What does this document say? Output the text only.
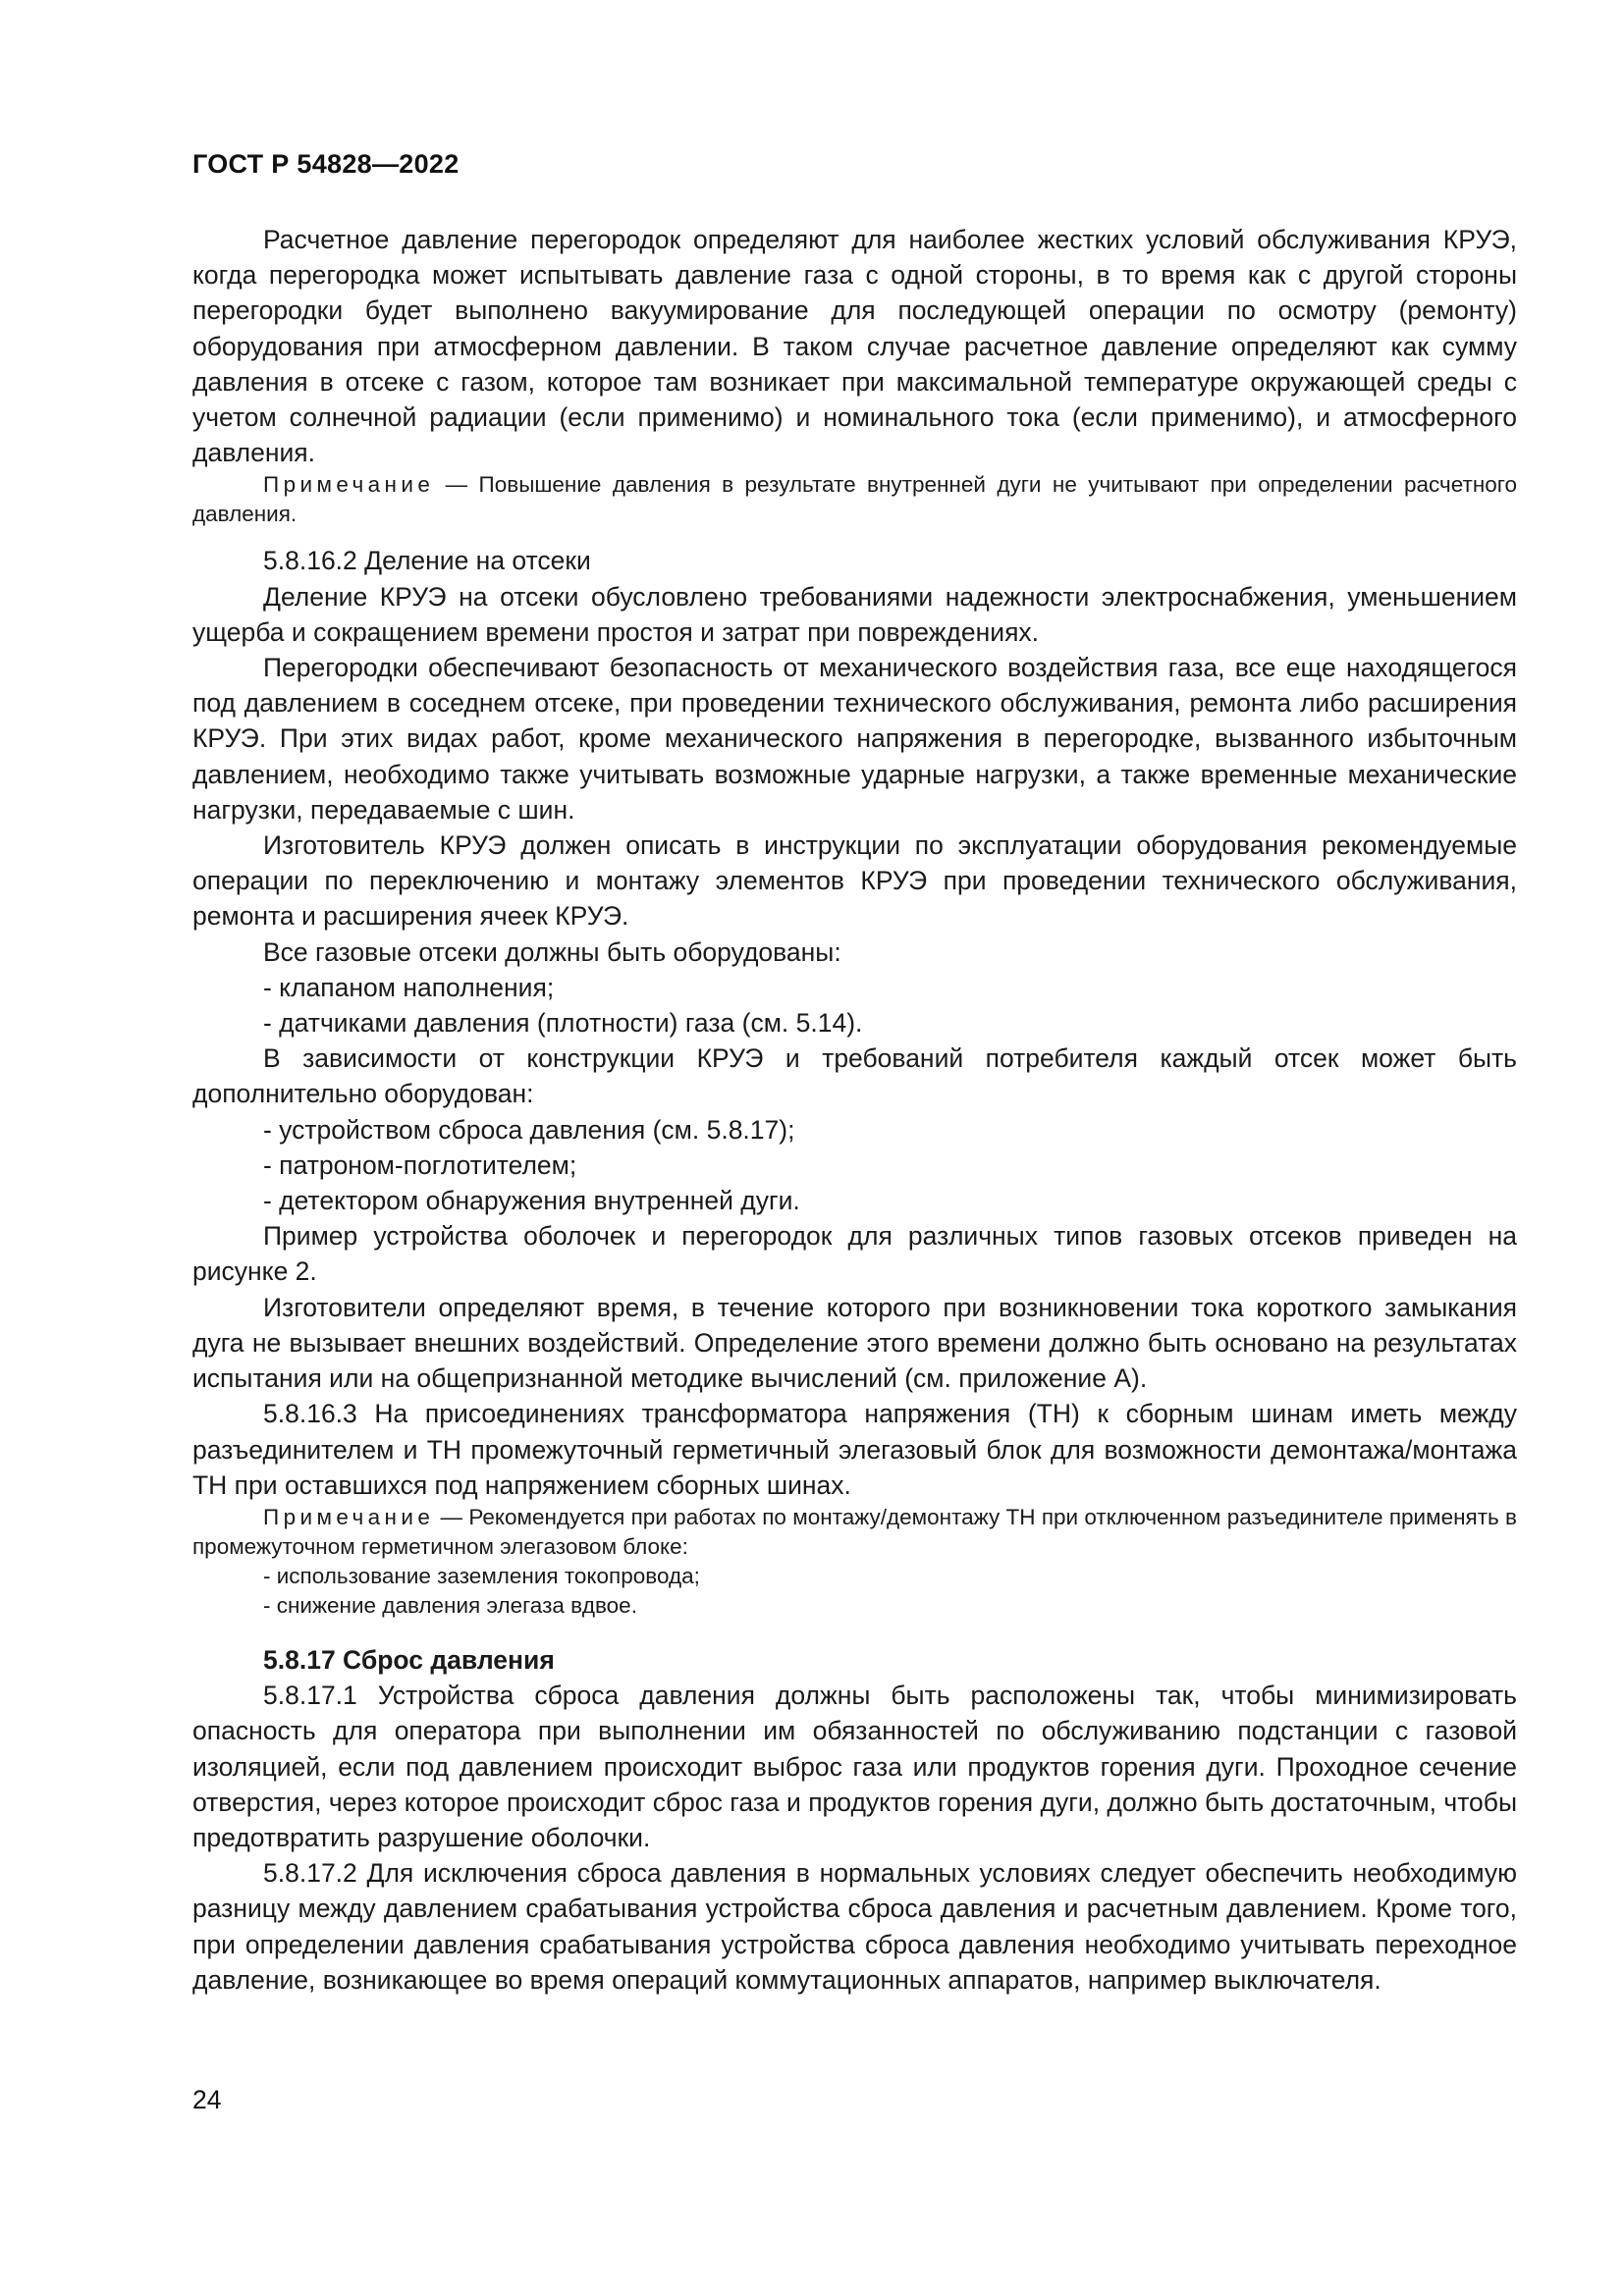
ГОСТ Р 54828—2022

Расчетное давление перегородок определяют для наиболее жестких условий обслуживания КРУЭ, когда перегородка может испытывать давление газа с одной стороны, в то время как с другой стороны перегородки будет выполнено вакуумирование для последующей операции по осмотру (ремонту) оборудования при атмосферном давлении. В таком случае расчетное давление определяют как сумму давления в отсеке с газом, которое там возникает при максимальной температуре окружающей среды с учетом солнечной радиации (если применимо) и номинального тока (если применимо), и атмосферного давления.

Примечание — Повышение давления в результате внутренней дуги не учитывают при определении расчетного давления.

5.8.16.2 Деление на отсеки

Деление КРУЭ на отсеки обусловлено требованиями надежности электроснабжения, уменьшением ущерба и сокращением времени простоя и затрат при повреждениях.

Перегородки обеспечивают безопасность от механического воздействия газа, все еще находящегося под давлением в соседнем отсеке, при проведении технического обслуживания, ремонта либо расширения КРУЭ. При этих видах работ, кроме механического напряжения в перегородке, вызванного избыточным давлением, необходимо также учитывать возможные ударные нагрузки, а также временные механические нагрузки, передаваемые с шин.

Изготовитель КРУЭ должен описать в инструкции по эксплуатации оборудования рекомендуемые операции по переключению и монтажу элементов КРУЭ при проведении технического обслуживания, ремонта и расширения ячеек КРУЭ.

Все газовые отсеки должны быть оборудованы:

- клапаном наполнения;
- датчиками давления (плотности) газа (см. 5.14).

В зависимости от конструкции КРУЭ и требований потребителя каждый отсек может быть дополнительно оборудован:

- устройством сброса давления (см. 5.8.17);
- патроном-поглотителем;
- детектором обнаружения внутренней дуги.

Пример устройства оболочек и перегородок для различных типов газовых отсеков приведен на рисунке 2.

Изготовители определяют время, в течение которого при возникновении тока короткого замыкания дуга не вызывает внешних воздействий. Определение этого времени должно быть основано на результатах испытания или на общепризнанной методике вычислений (см. приложение А).

5.8.16.3 На присоединениях трансформатора напряжения (ТН) к сборным шинам иметь между разъединителем и ТН промежуточный герметичный элегазовый блок для возможности демонтажа/монтажа ТН при оставшихся под напряжением сборных шинах.

Примечание — Рекомендуется при работах по монтажу/демонтажу ТН при отключенном разъединителе применять в промежуточном герметичном элегазовом блоке:

- использование заземления токопровода;
- снижение давления элегаза вдвое.

5.8.17 Сброс давления

5.8.17.1 Устройства сброса давления должны быть расположены так, чтобы минимизировать опасность для оператора при выполнении им обязанностей по обслуживанию подстанции с газовой изоляцией, если под давлением происходит выброс газа или продуктов горения дуги. Проходное сечение отверстия, через которое происходит сброс газа и продуктов горения дуги, должно быть достаточным, чтобы предотвратить разрушение оболочки.

5.8.17.2 Для исключения сброса давления в нормальных условиях следует обеспечить необходимую разницу между давлением срабатывания устройства сброса давления и расчетным давлением. Кроме того, при определении давления срабатывания устройства сброса давления необходимо учитывать переходное давление, возникающее во время операций коммутационных аппаратов, например выключателя.

24
